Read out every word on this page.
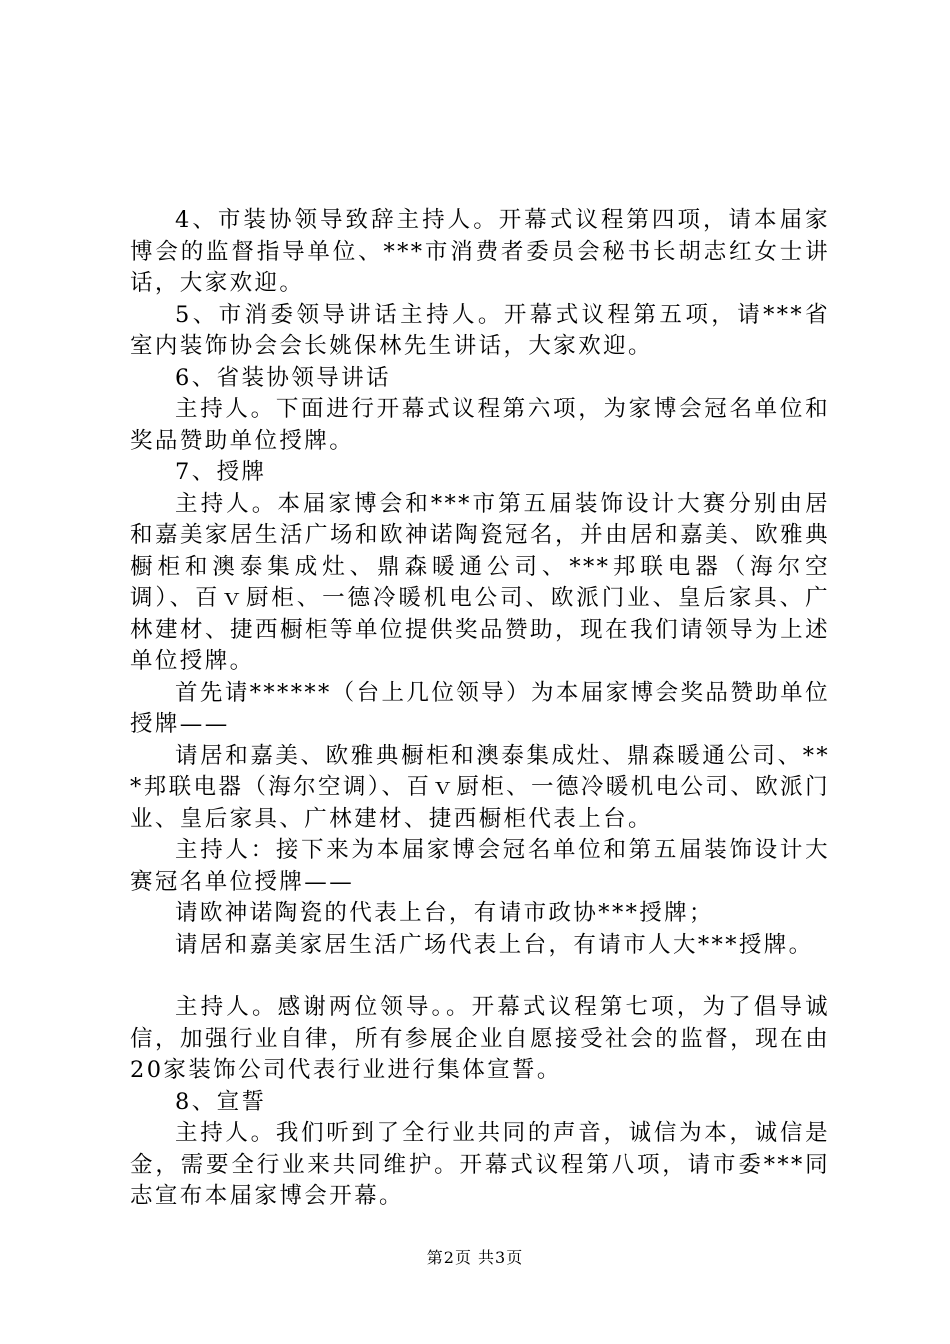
4、市装协领导致辞主持人。开幕式议程第四项，请本届家博会的监督指导单位、***市消费者委员会秘书长胡志红女士讲话，大家欢迎。

5、市消委领导讲话主持人。开幕式议程第五项，请***省室内装饰协会会长姚保林先生讲话，大家欢迎。

6、省装协领导讲话

主持人。下面进行开幕式议程第六项，为家博会冠名单位和奖品赞助单位授牌。

7、授牌

主持人。本届家博会和***市第五届装饰设计大赛分别由居和嘉美家居生活广场和欧神诺陶瓷冠名，并由居和嘉美、欧雅典橱柜和澳泰集成灶、鼎森暖通公司、***邦联电器（海尔空调）、百ｖ厨柜、一德冷暖机电公司、欧派门业、皇后家具、广林建材、捷西橱柜等单位提供奖品赞助，现在我们请领导为上述单位授牌。

首先请******（台上几位领导）为本届家博会奖品赞助单位授牌——

请居和嘉美、欧雅典橱柜和澳泰集成灶、鼎森暖通公司、***邦联电器（海尔空调）、百ｖ厨柜、一德冷暖机电公司、欧派门业、皇后家具、广林建材、捷西橱柜代表上台。

主持人：接下来为本届家博会冠名单位和第五届装饰设计大赛冠名单位授牌——

请欧神诺陶瓷的代表上台，有请市政协***授牌；

请居和嘉美家居生活广场代表上台，有请市人大***授牌。

主持人。感谢两位领导。。开幕式议程第七项，为了倡导诚信，加强行业自律，所有参展企业自愿接受社会的监督，现在由20家装饰公司代表行业进行集体宣誓。

8、宣誓

主持人。我们听到了全行业共同的声音，诚信为本，诚信是金，需要全行业来共同维护。开幕式议程第八项，请市委***同志宣布本届家博会开幕。

第2页 共3页
